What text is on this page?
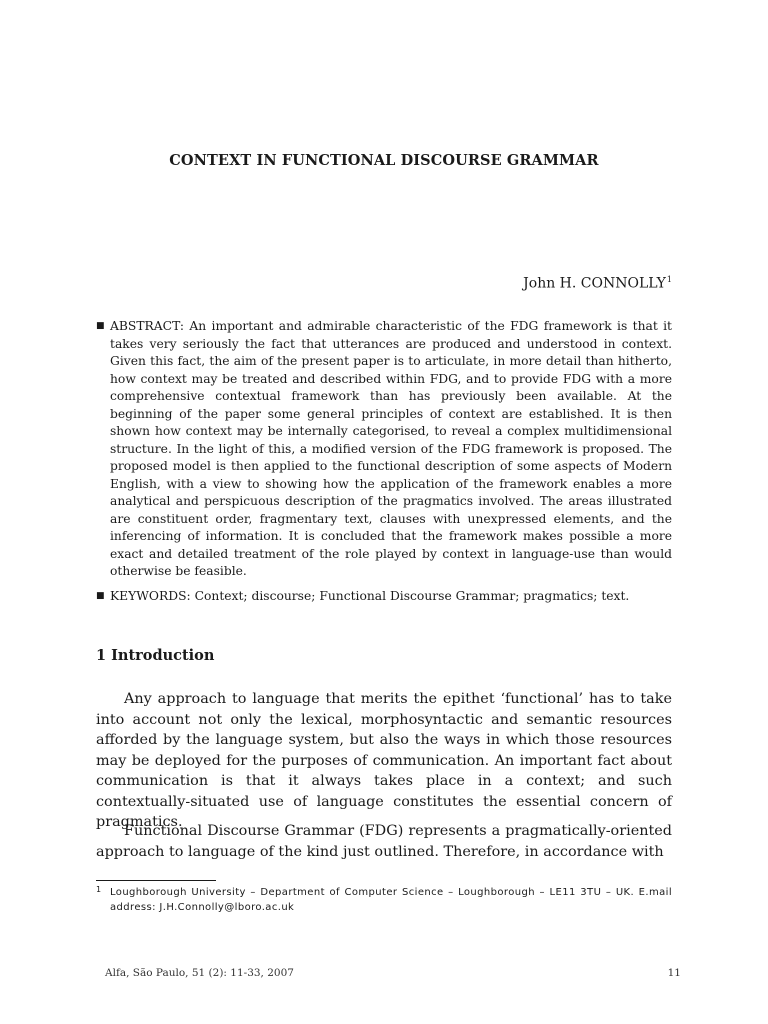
CONTEXT IN FUNCTIONAL DISCOURSE GRAMMAR

John H. CONNOLLY$^1$

■ ABSTRACT: An important and admirable characteristic of the FDG framework is that it takes very seriously the fact that utterances are produced and understood in context. Given this fact, the aim of the present paper is to articulate, in more detail than hitherto, how context may be treated and described within FDG, and to provide FDG with a more comprehensive contextual framework than has previously been available. At the beginning of the paper some general principles of context are established. It is then shown how context may be internally categorised, to reveal a complex multidimensional structure. In the light of this, a modified version of the FDG framework is proposed. The proposed model is then applied to the functional description of some aspects of Modern English, with a view to showing how the application of the framework enables a more analytical and perspicuous description of the pragmatics involved. The areas illustrated are constituent order, fragmentary text, clauses with unexpressed elements, and the inferencing of information. It is concluded that the framework makes possible a more exact and detailed treatment of the role played by context in language-use than would otherwise be feasible.
■ KEYWORDS: Context; discourse; Functional Discourse Grammar; pragmatics; text.
1 Introduction

Any approach to language that merits the epithet ‘functional’ has to take into account not only the lexical, morphosyntactic and semantic resources afforded by the language system, but also the ways in which those resources may be deployed for the purposes of communication. An important fact about communication is that it always takes place in a context; and such contextually-situated use of language constitutes the essential concern of pragmatics.

Functional Discourse Grammar (FDG) represents a pragmatically-oriented approach to language of the kind just outlined. Therefore, in accordance with

1 Loughborough University – Department of Computer Science – Loughborough – LE11 3TU – UK. E.mail address: J.H.Connolly@lboro.ac.uk

Alfa, São Paulo, 51 (2): 11-33, 2007	11
